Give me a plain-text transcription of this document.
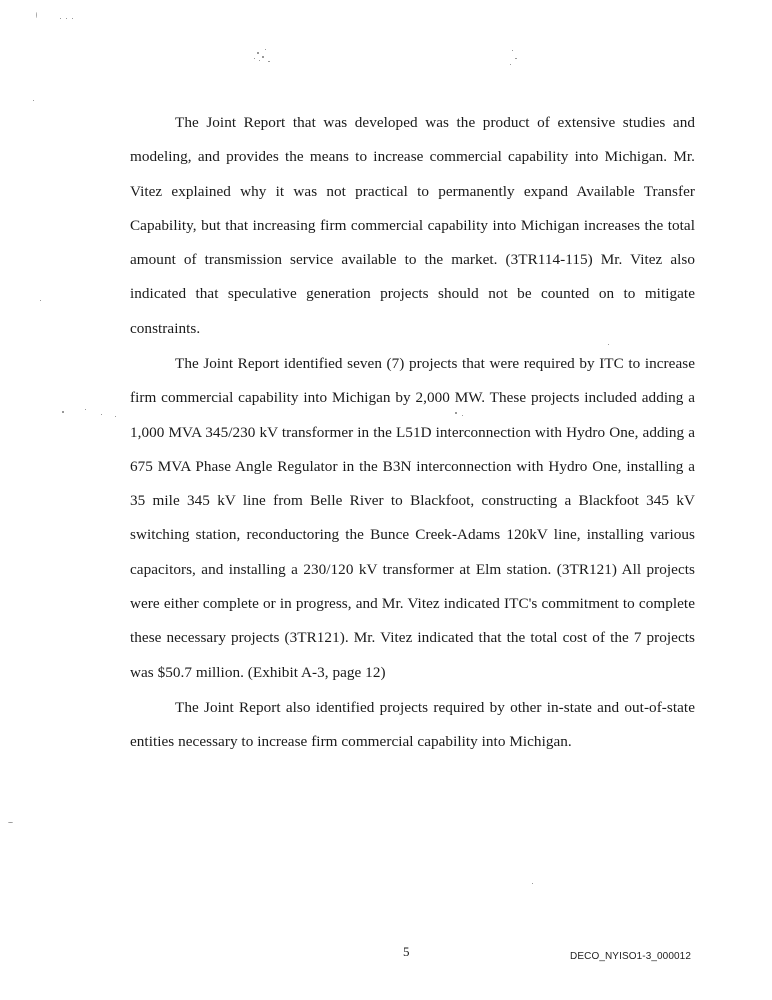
The Joint Report that was developed was the product of extensive studies and modeling, and provides the means to increase commercial capability into Michigan. Mr. Vitez explained why it was not practical to permanently expand Available Transfer Capability, but that increasing firm commercial capability into Michigan increases the total amount of transmission service available to the market. (3TR114-115) Mr. Vitez also indicated that speculative generation projects should not be counted on to mitigate constraints.

The Joint Report identified seven (7) projects that were required by ITC to increase firm commercial capability into Michigan by 2,000 MW. These projects included adding a 1,000 MVA 345/230 kV transformer in the L51D interconnection with Hydro One, adding a 675 MVA Phase Angle Regulator in the B3N interconnection with Hydro One, installing a 35 mile 345 kV line from Belle River to Blackfoot, constructing a Blackfoot 345 kV switching station, reconductoring the Bunce Creek-Adams 120kV line, installing various capacitors, and installing a 230/120 kV transformer at Elm station. (3TR121) All projects were either complete or in progress, and Mr. Vitez indicated ITC's commitment to complete these necessary projects (3TR121). Mr. Vitez indicated that the total cost of the 7 projects was $50.7 million. (Exhibit A-3, page 12)

The Joint Report also identified projects required by other in-state and out-of-state entities necessary to increase firm commercial capability into Michigan.

5	DECO_NYISO1-3_000012
